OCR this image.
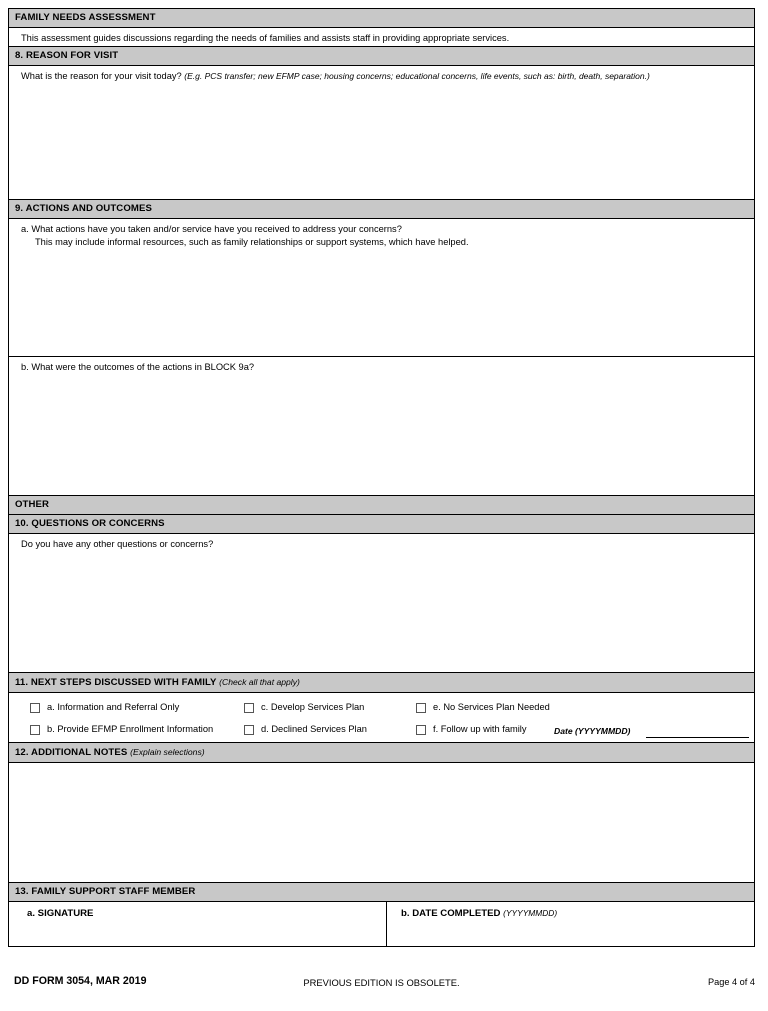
FAMILY NEEDS ASSESSMENT
This assessment guides discussions regarding the needs of families and assists staff in providing appropriate services.
8. REASON FOR VISIT
What is the reason for your visit today? (E.g. PCS transfer; new EFMP case; housing concerns; educational concerns, life events, such as: birth, death, separation.)
9. ACTIONS AND OUTCOMES
a. What actions have you taken and/or service have you received to address your concerns?
This may include informal resources, such as family relationships or support systems, which have helped.
b. What were the outcomes of the actions in BLOCK 9a?
OTHER
10. QUESTIONS OR CONCERNS
Do you have any other questions or concerns?
11. NEXT STEPS DISCUSSED WITH FAMILY (Check all that apply)
a. Information and Referral Only
b. Provide EFMP Enrollment Information
c. Develop Services Plan
d. Declined Services Plan
e. No Services Plan Needed
f. Follow up with family	Date (YYYYMMDD)
12. ADDITIONAL NOTES (Explain selections)
13. FAMILY SUPPORT STAFF MEMBER
a. SIGNATURE	b. DATE COMPLETED (YYYYMMDD)
DD FORM 3054, MAR 2019	PREVIOUS EDITION IS OBSOLETE.	Page 4 of 4
